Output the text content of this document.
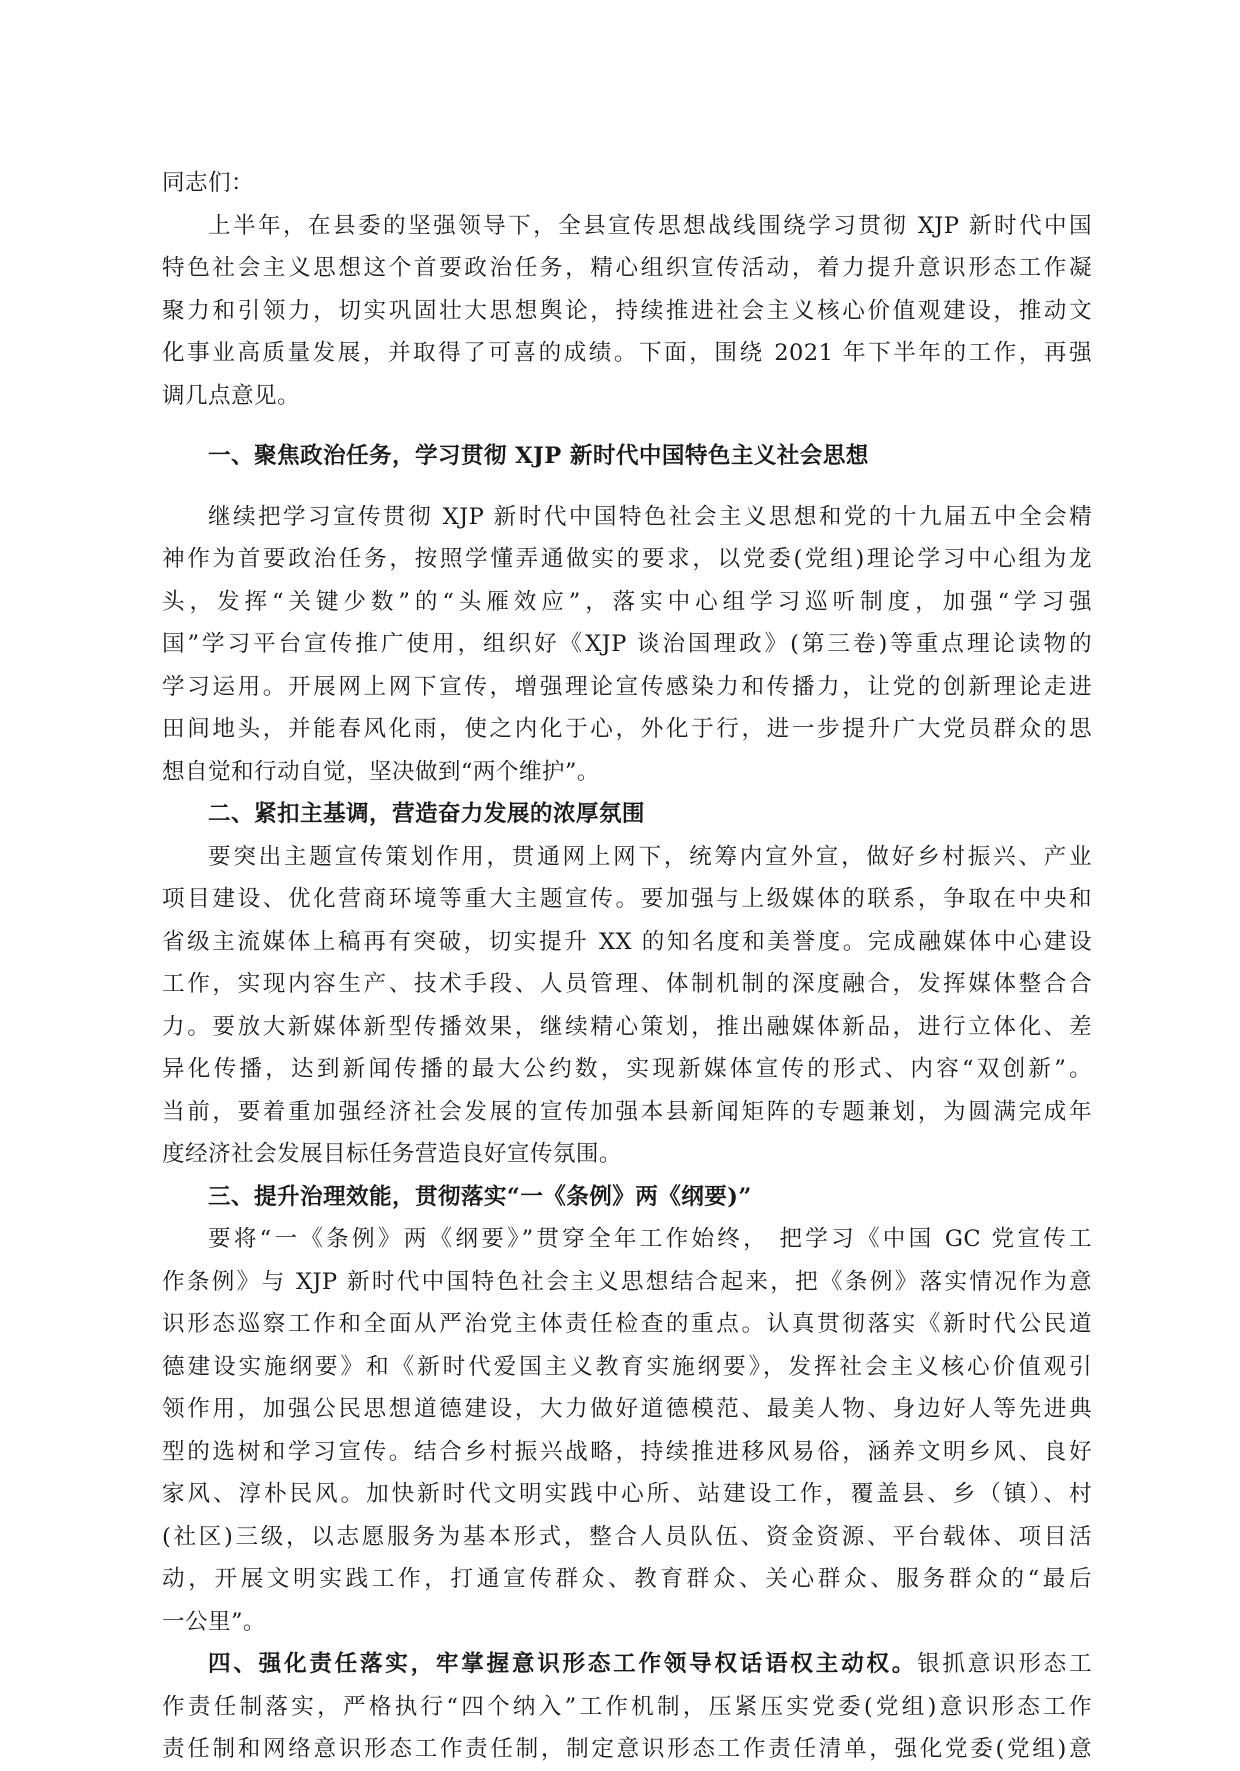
同志们：
上半年，在县委的坚强领导下，全县宣传思想战线围绕学习贯彻 XJP 新时代中国
特色社会主义思想这个首要政治任务，精心组织宣传活动，着力提升意识形态工作凝
聚力和引领力，切实巩固壮大思想舆论，持续推进社会主义核心价值观建设，推动文
化事业高质量发展，并取得了可喜的成绩。下面，围绕 2021 年下半年的工作，再强
调几点意见。
一、聚焦政治任务，学习贯彻 XJP 新时代中国特色主义社会思想
继续把学习宣传贯彻 XJP 新时代中国特色社会主义思想和党的十九届五中全会精
神作为首要政治任务，按照学懂弄通做实的要求，以党委(党组)理论学习中心组为龙
头，发挥“关键少数”的“头雁效应”，落实中心组学习巡听制度，加强“学习强
国”学习平台宣传推广使用，组织好《XJP 谈治国理政》(第三卷)等重点理论读物的
学习运用。开展网上网下宣传，增强理论宣传感染力和传播力，让党的创新理论走进
田间地头，并能春风化雨，使之内化于心，外化于行，进一步提升广大党员群众的思
想自觉和行动自觉，坚决做到“两个维护”。
二、紧扣主基调，营造奋力发展的浓厚氛围
要突出主题宣传策划作用，贯通网上网下，统筹内宣外宣，做好乡村振兴、产业
项目建设、优化营商环境等重大主题宣传。要加强与上级媒体的联系，争取在中央和
省级主流媒体上稿再有突破，切实提升 XX 的知名度和美誉度。完成融媒体中心建设
工作，实现内容生产、技术手段、人员管理、体制机制的深度融合，发挥媒体整合合
力。要放大新媒体新型传播效果，继续精心策划，推出融媒体新品，进行立体化、差
异化传播，达到新闻传播的最大公约数，实现新媒体宣传的形式、内容“双创新”。
当前，要着重加强经济社会发展的宣传加强本县新闻矩阵的专题兼划，为圆满完成年
度经济社会发展目标任务营造良好宣传氛围。
三、提升治理效能，贯彻落实“一《条例》两《纲要)”
要将“一《条例》两《纲要》”贯穿全年工作始终， 把学习《中国 GC 党宣传工
作条例》与 XJP 新时代中国特色社会主义思想结合起来，把《条例》落实情况作为意
识形态巡察工作和全面从严治党主体责任检查的重点。认真贯彻落实《新时代公民道
德建设实施纲要》和《新时代爱国主义教育实施纲要》，发挥社会主义核心价值观引
领作用，加强公民思想道德建设，大力做好道德模范、最美人物、身边好人等先进典
型的选树和学习宣传。结合乡村振兴战略，持续推进移风易俗，涵养文明乡风、良好
家风、淳朴民风。加快新时代文明实践中心所、站建设工作，覆盖县、乡（镇）、村
(社区)三级，以志愿服务为基本形式，整合人员队伍、资金资源、平台载体、项目活
动，开展文明实践工作，打通宣传群众、教育群众、关心群众、服务群众的“最后
一公里”。
四、强化责任落实，牢掌握意识形态工作领导权话语权主动权。银抓意识形态工
作责任制落实，严格执行“四个纳入”工作机制，压紧压实党委(党组)意识形态工作
责任制和网络意识形态工作责任制，制定意识形态工作责任清单，强化党委(党组)意
